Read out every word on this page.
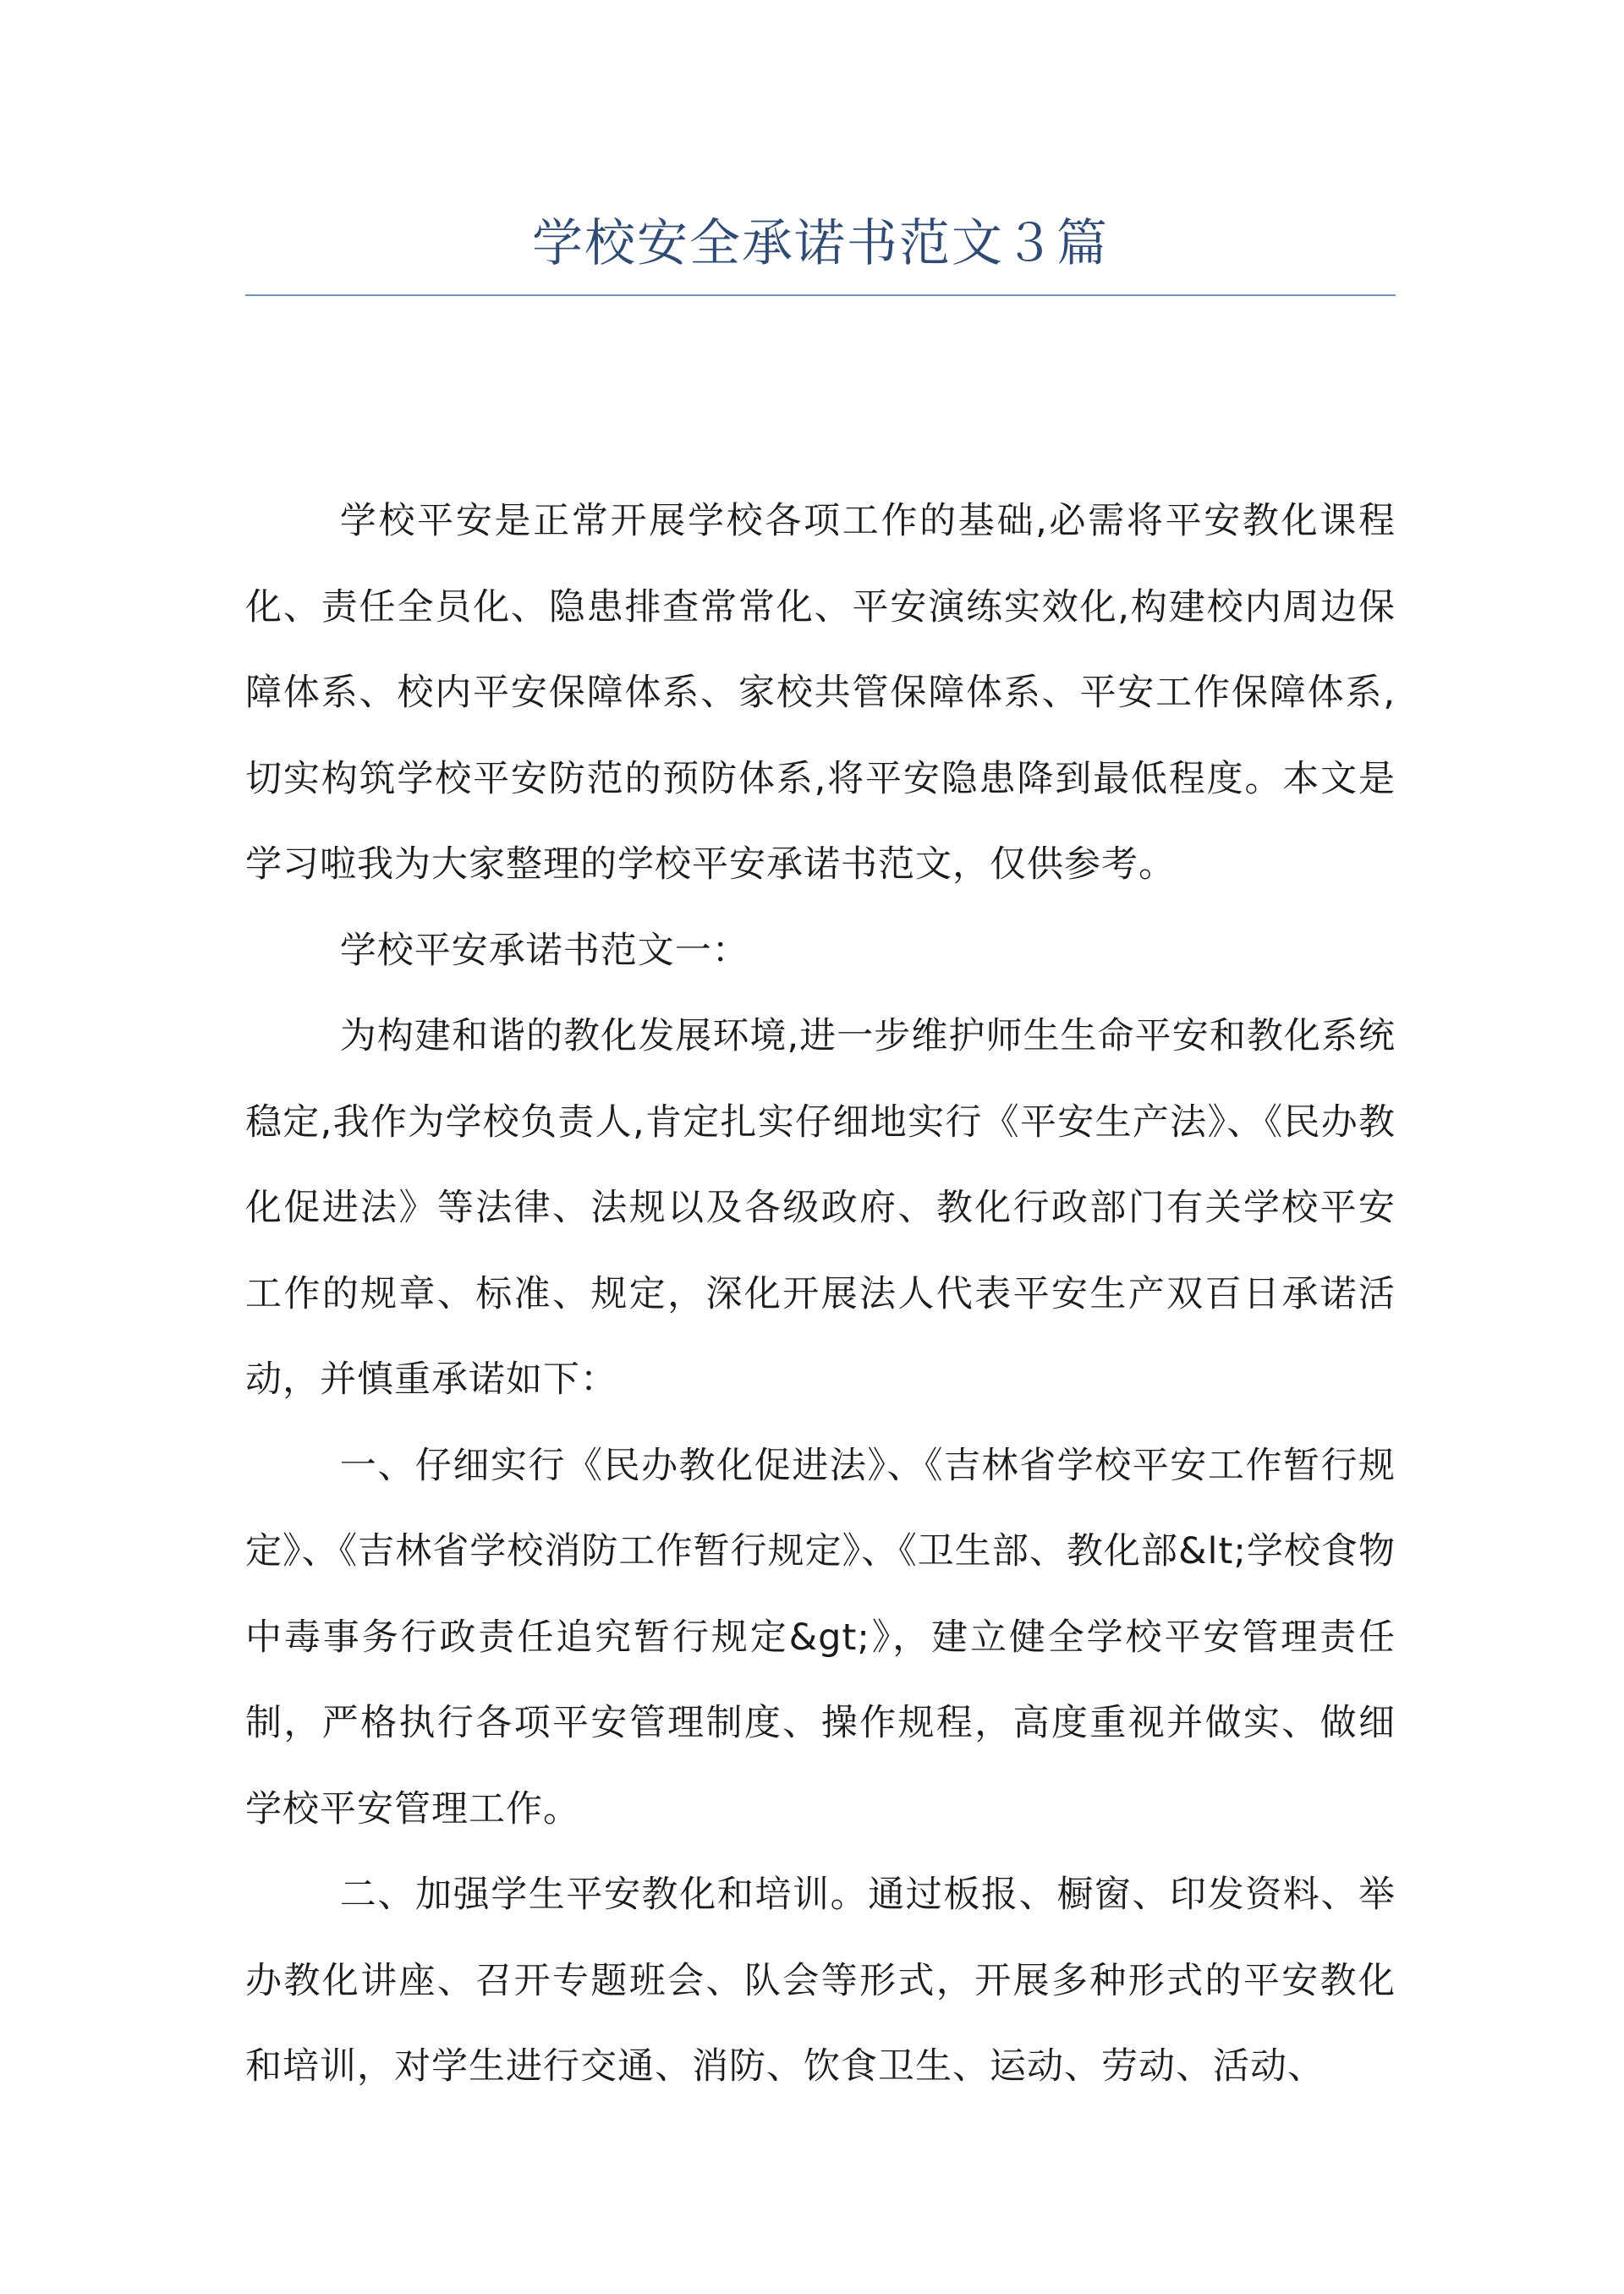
学校安全承诺书范文３篇

学校平安是正常开展学校各项工作的基础,必需将平安教化课程化、责任全员化、隐患排查常常化、平安演练实效化,构建校内周边保障体系、校内平安保障体系、家校共管保障体系、平安工作保障体系,切实构筑学校平安防范的预防体系,将平安隐患降到最低程度。本文是学习啦我为大家整理的学校平安承诺书范文，仅供参考。

学校平安承诺书范文一：

为构建和谐的教化发展环境,进一步维护师生生命平安和教化系统稳定,我作为学校负责人,肯定扎实仔细地实行《平安生产法》、《民办教化促进法》等法律、法规以及各级政府、教化行政部门有关学校平安工作的规章、标准、规定，深化开展法人代表平安生产双百日承诺活动，并慎重承诺如下：

一、仔细实行《民办教化促进法》、《吉林省学校平安工作暂行规定》、《吉林省学校消防工作暂行规定》、《卫生部、教化部&lt;学校食物中毒事务行政责任追究暂行规定&gt;》，建立健全学校平安管理责任制，严格执行各项平安管理制度、操作规程，高度重视并做实、做细学校平安管理工作。

二、加强学生平安教化和培训。通过板报、橱窗、印发资料、举办教化讲座、召开专题班会、队会等形式，开展多种形式的平安教化和培训，对学生进行交通、消防、饮食卫生、运动、劳动、活动、
